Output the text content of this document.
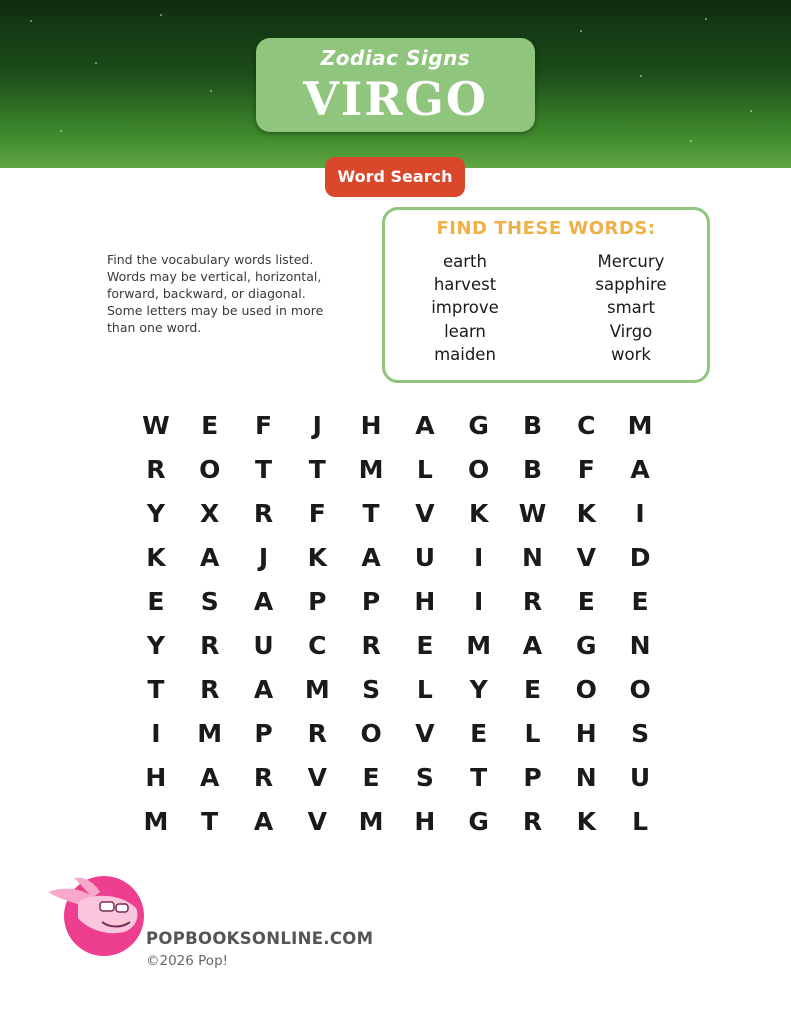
Zodiac Signs
VIRGO
Word Search
Find the vocabulary words listed. Words may be vertical, horizontal, forward, backward, or diagonal. Some letters may be used in more than one word.
FIND THESE WORDS:
earth
harvest
improve
learn
maiden
Mercury
sapphire
smart
Virgo
work
W	E	F	J	H	A	G	B	C	M
R	O	T	T	M	L	O	B	F	A
Y	X	R	F	T	V	K	W	K	I
K	A	J	K	A	U	I	N	V	D
E	S	A	P	P	H	I	R	E	E
Y	R	U	C	R	E	M	A	G	N
T	R	A	M	S	L	Y	E	O	O
I	M	P	R	O	V	E	L	H	S
H	A	R	V	E	S	T	P	N	U
M	T	A	V	M	H	G	R	K	L
POPBOOKSONLINE.COM
©2026 Pop!
